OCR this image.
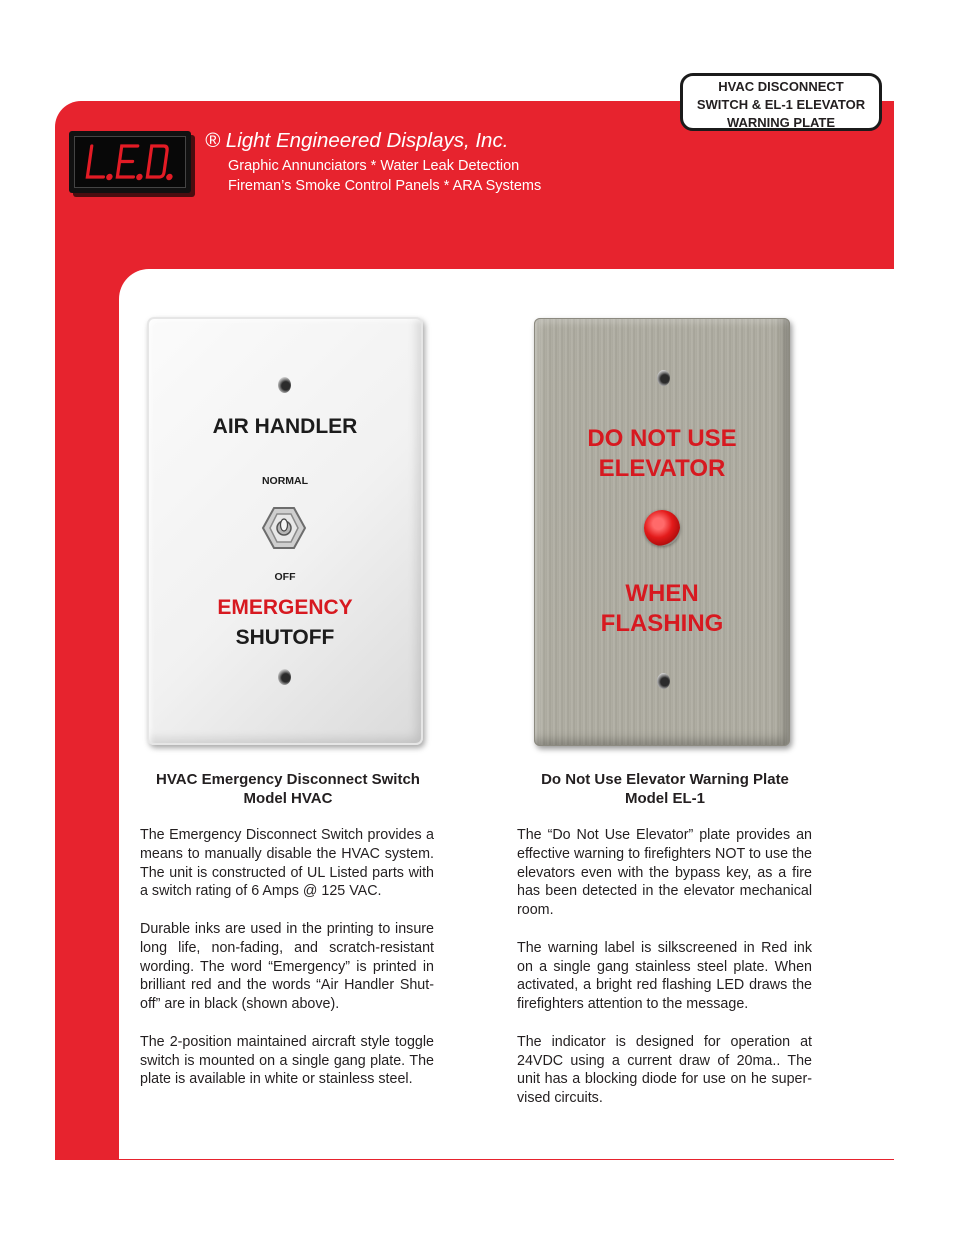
HVAC DISCONNECT
SWITCH & EL-1 ELEVATOR
WARNING PLATE
® Light Engineered Displays, Inc.
Graphic Annunciators * Water Leak Detection
Fireman’s Smoke Control Panels * ARA Systems
AIR HANDLER
NORMAL
OFF
EMERGENCY
SHUTOFF
DO NOT USE
ELEVATOR
WHEN
FLASHING
HVAC Emergency Disconnect Switch
Model HVAC
Do Not Use Elevator Warning Plate
Model EL-1

The Emergency Disconnect Switch provides a means to manually disable the HVAC system. The unit is constructed of UL Listed parts with a switch rating of 6 Amps @ 125 VAC.

Durable inks are used in the printing to insure long life, non-fading, and scratch-resistant wording. The word “Emergency” is printed in brilliant red and the words “Air Handler Shut-off” are in black (shown above).

The 2-position maintained aircraft style toggle switch is mounted on a single gang plate. The plate is available in white or stainless steel.

The “Do Not Use Elevator” plate provides an effective warning to firefighters NOT to use the elevators even with the bypass key, as a fire has been detected in the elevator mechanical room.

The warning label is silkscreened in Red ink on a single gang stainless steel plate. When activated, a bright red flashing LED draws the firefighters attention to the message.

The indicator is designed for operation at 24VDC using a current draw of 20ma.. The unit has a blocking diode for use on he super-vised circuits.
